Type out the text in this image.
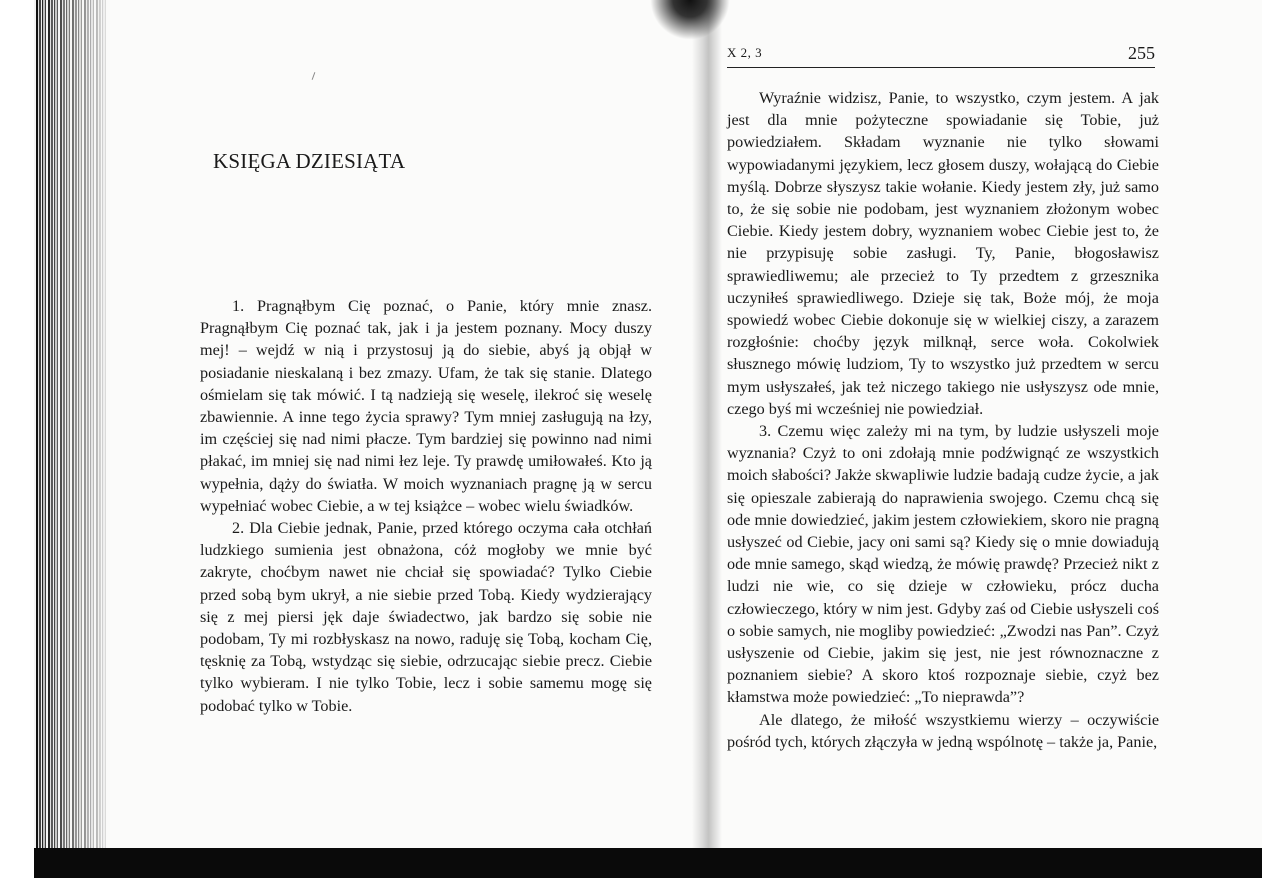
KSIĘGA DZIESIĄTA

1. Pragnąłbym Cię poznać, o Panie, który mnie znasz. Pragnąłbym Cię poznać tak, jak i ja jestem poznany. Mocy duszy mej! – wejdź w nią i przystosuj ją do siebie, abyś ją objął w posiadanie nieskalaną i bez zmazy. Ufam, że tak się stanie. Dlatego ośmielam się tak mówić. I tą nadzieją się weselę, ilekroć się weselę zbawiennie. A inne tego życia sprawy? Tym mniej zasługują na łzy, im częściej się nad nimi płacze. Tym bardziej się powinno nad nimi płakać, im mniej się nad nimi łez leje. Ty prawdę umiłowałeś. Kto ją wypełnia, dąży do światła. W moich wyznaniach pragnę ją w sercu wypełniać wobec Ciebie, a w tej książce – wobec wielu świadków.

2. Dla Ciebie jednak, Panie, przed którego oczyma cała otchłań ludzkiego sumienia jest obnażona, cóż mogłoby we mnie być zakryte, choćbym nawet nie chciał się spowiadać? Tylko Ciebie przed sobą bym ukrył, a nie siebie przed Tobą. Kiedy wydzierający się z mej piersi jęk daje świadectwo, jak bardzo się sobie nie podobam, Ty mi rozbłyskasz na nowo, raduję się Tobą, kocham Cię, tęsknię za Tobą, wstydząc się siebie, odrzucając siebie precz. Ciebie tylko wybieram. I nie tylko Tobie, lecz i sobie samemu mogę się podobać tylko w Tobie.

X 2, 3	255

Wyraźnie widzisz, Panie, to wszystko, czym jestem. A jak jest dla mnie pożyteczne spowiadanie się Tobie, już powiedziałem. Składam wyznanie nie tylko słowami wypowiadanymi językiem, lecz głosem duszy, wołającą do Ciebie myślą. Dobrze słyszysz takie wołanie. Kiedy jestem zły, już samo to, że się sobie nie podobam, jest wyznaniem złożonym wobec Ciebie. Kiedy jestem dobry, wyznaniem wobec Ciebie jest to, że nie przypisuję sobie zasługi. Ty, Panie, błogosławisz sprawiedliwemu; ale przecież to Ty przedtem z grzesznika uczyniłeś sprawiedliwego. Dzieje się tak, Boże mój, że moja spowiedź wobec Ciebie dokonuje się w wielkiej ciszy, a zarazem rozgłośnie: choćby język milknął, serce woła. Cokolwiek słusznego mówię ludziom, Ty to wszystko już przedtem w sercu mym usłyszałeś, jak też niczego takiego nie usłyszysz ode mnie, czego byś mi wcześniej nie powiedział.

3. Czemu więc zależy mi na tym, by ludzie usłyszeli moje wyznania? Czyż to oni zdołają mnie podźwignąć ze wszystkich moich słabości? Jakże skwapliwie ludzie badają cudze życie, a jak się opieszale zabierają do naprawienia swojego. Czemu chcą się ode mnie dowiedzieć, jakim jestem człowiekiem, skoro nie pragną usłyszeć od Ciebie, jacy oni sami są? Kiedy się o mnie dowiadują ode mnie samego, skąd wiedzą, że mówię prawdę? Przecież nikt z ludzi nie wie, co się dzieje w człowieku, prócz ducha człowieczego, który w nim jest. Gdyby zaś od Ciebie usłyszeli coś o sobie samych, nie mogliby powiedzieć: „Zwodzi nas Pan”. Czyż usłyszenie od Ciebie, jakim się jest, nie jest równoznaczne z poznaniem siebie? A skoro ktoś rozpoznaje siebie, czyż bez kłamstwa może powiedzieć: „To nieprawda”?

Ale dlatego, że miłość wszystkiemu wierzy – oczywiście pośród tych, których złączyła w jedną wspólnotę – także ja, Panie,
